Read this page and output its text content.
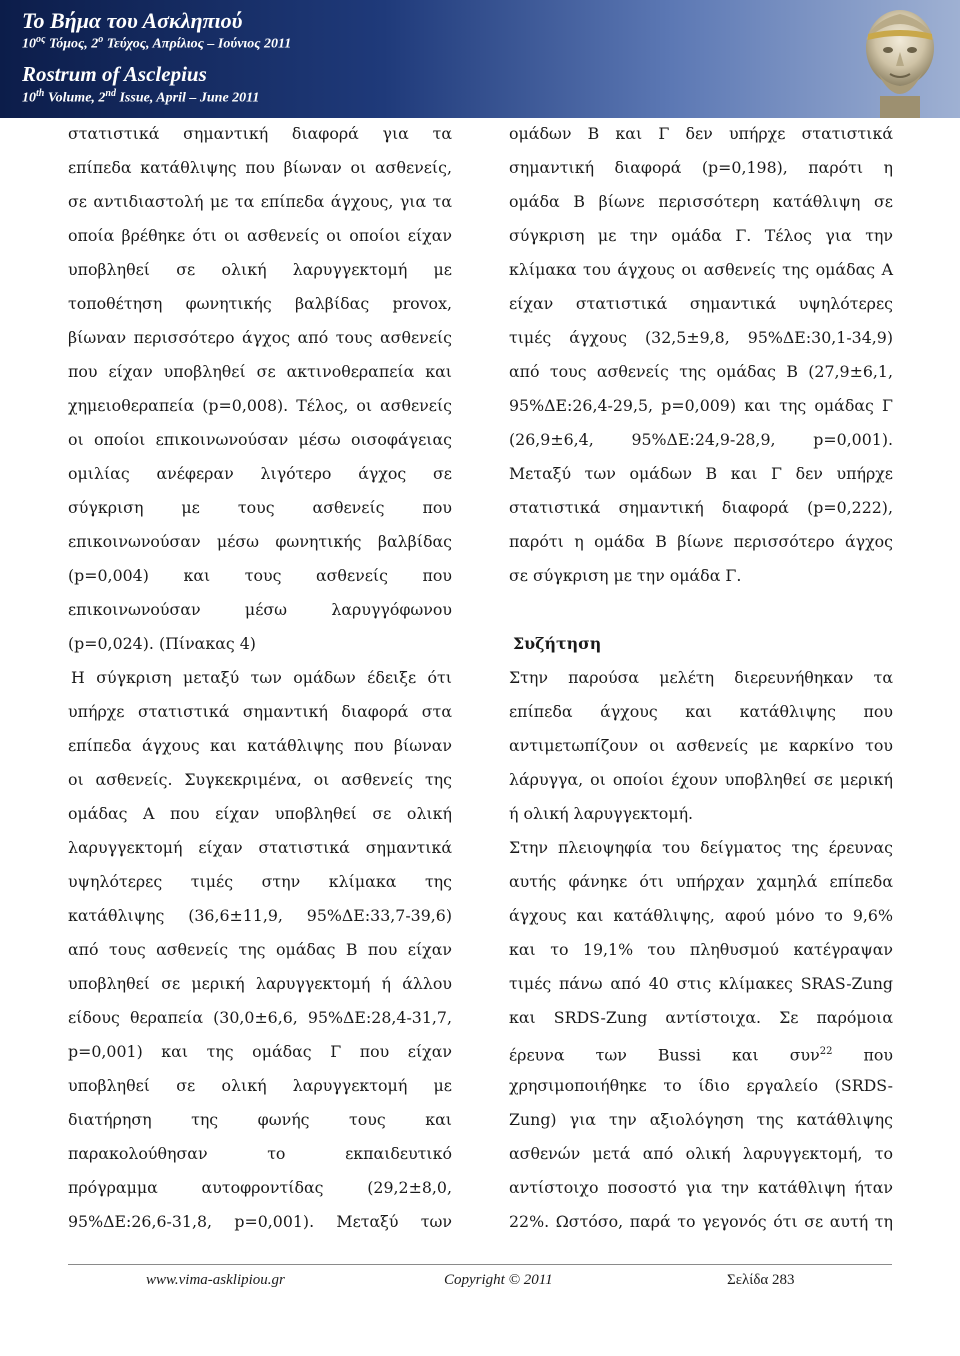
Το Βήμα του Ασκληπιού
$10^{o\varsigma}$ Τόμος, $2^o$ Τεύχος, Απρίλιος – Ιούνιος 2011
Rostrum of Asclepius
10th Volume, 2nd Issue, April – June 2011
στατιστικά σημαντική διαφορά για τα
επίπεδα κατάθλιψης που βίωναν οι ασθενείς,
σε αντιδιαστολή με τα επίπεδα άγχους, για τα
οποία βρέθηκε ότι οι ασθενείς οι οποίοι είχαν
υποβληθεί σε ολική λαρυγγεκτομή με
τοποθέτηση φωνητικής βαλβίδας provox,
βίωναν περισσότερο άγχος από τους ασθενείς
που είχαν υποβληθεί σε ακτινοθεραπεία και
χημειοθεραπεία (p=0,008). Τέλος, οι ασθενείς
οι οποίοι επικοινωνούσαν μέσω οισοφάγειας
ομιλίας ανέφεραν λιγότερο άγχος σε
σύγκριση με τους ασθενείς που
επικοινωνούσαν μέσω φωνητικής βαλβίδας
(p=0,004) και τους ασθενείς που
επικοινωνούσαν μέσω λαρυγγόφωνου
(p=0,024). (Πίνακας 4)
Η σύγκριση μεταξύ των ομάδων έδειξε ότι
υπήρχε στατιστικά σημαντική διαφορά στα
επίπεδα άγχους και κατάθλιψης που βίωναν
οι ασθενείς. Συγκεκριμένα, οι ασθενείς της
ομάδας Α που είχαν υποβληθεί σε ολική
λαρυγγεκτομή είχαν στατιστικά σημαντικά
υψηλότερες τιμές στην κλίμακα της
κατάθλιψης (36,6±11,9, 95%ΔΕ:33,7-39,6)
από τους ασθενείς της ομάδας Β που είχαν
υποβληθεί σε μερική λαρυγγεκτομή ή άλλου
είδους θεραπεία (30,0±6,6, 95%ΔΕ:28,4-31,7,
p=0,001) και της ομάδας Γ που είχαν
υποβληθεί σε ολική λαρυγγεκτομή με
διατήρηση της φωνής τους και
παρακολούθησαν το εκπαιδευτικό
πρόγραμμα αυτοφροντίδας (29,2±8,0,
95%ΔΕ:26,6-31,8, p=0,001). Μεταξύ των
ομάδων Β και Γ δεν υπήρχε στατιστικά
σημαντική διαφορά (p=0,198), παρότι η
ομάδα Β βίωνε περισσότερη κατάθλιψη σε
σύγκριση με την ομάδα Γ. Τέλος για την
κλίμακα του άγχους οι ασθενείς της ομάδας Α
είχαν στατιστικά σημαντικά υψηλότερες
τιμές άγχους (32,5±9,8, 95%ΔΕ:30,1-34,9)
από τους ασθενείς της ομάδας Β (27,9±6,1,
95%ΔΕ:26,4-29,5, p=0,009) και της ομάδας Γ
(26,9±6,4, 95%ΔΕ:24,9-28,9, p=0,001).
Μεταξύ των ομάδων Β και Γ δεν υπήρχε
στατιστικά σημαντική διαφορά (p=0,222),
παρότι η ομάδα Β βίωνε περισσότερο άγχος
σε σύγκριση με την ομάδα Γ.
Συζήτηση
Στην παρούσα μελέτη διερευνήθηκαν τα
επίπεδα άγχους και κατάθλιψης που
αντιμετωπίζουν οι ασθενείς με καρκίνο του
λάρυγγα, οι οποίοι έχουν υποβληθεί σε μερική
ή ολική λαρυγγεκτομή.
Στην πλειοψηφία του δείγματος της έρευνας
αυτής φάνηκε ότι υπήρχαν χαμηλά επίπεδα
άγχους και κατάθλιψης, αφού μόνο το 9,6%
και το 19,1% του πληθυσμού κατέγραψαν
τιμές πάνω από 40 στις κλίμακες SRAS-Zung
και SRDS-Zung αντίστοιχα. Σε παρόμοια
έρευνα των Bussi και συν$^{22}$ που
χρησιμοποιήθηκε το ίδιο εργαλείο (SRDS-
Zung) για την αξιολόγηση της κατάθλιψης
ασθενών μετά από ολική λαρυγγεκτομή, το
αντίστοιχο ποσοστό για την κατάθλιψη ήταν
22%. Ωστόσο, παρά το γεγονός ότι σε αυτή τη
www.vima-asklipiou.gr	Copyright © 2011	Σελίδα 283
